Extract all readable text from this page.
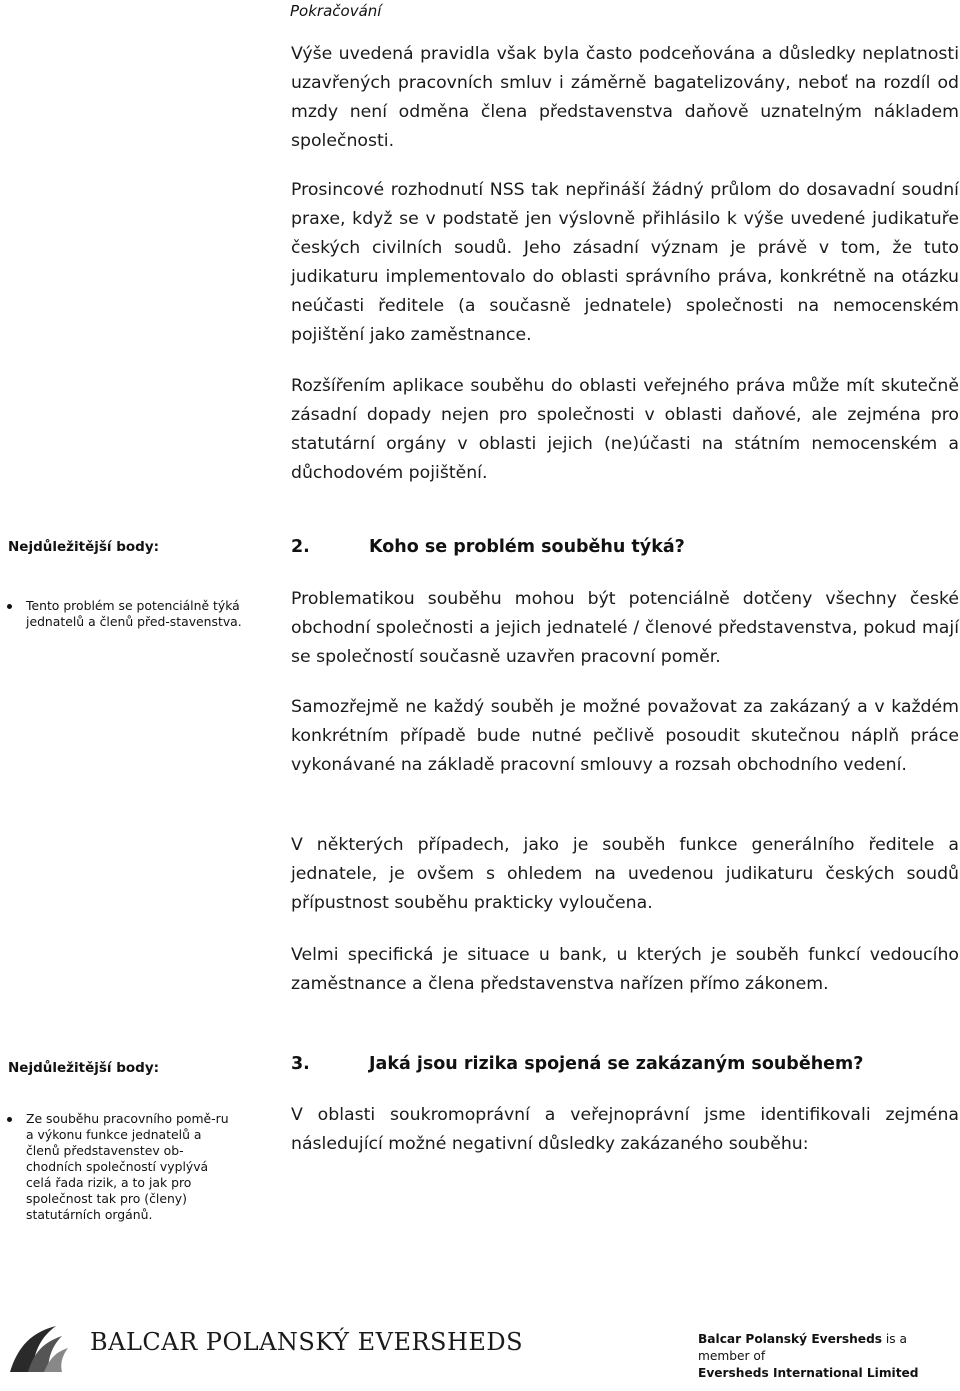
Pokračování

Výše uvedená pravidla však byla často podceňována a důsledky neplatnosti uzavřených pracovních smluv i záměrně bagatelizovány, neboť na rozdíl od mzdy není odměna člena představenstva daňově uznatelným nákladem společnosti.

Prosincové rozhodnutí NSS tak nepřináší žádný průlom do dosavadní soudní praxe, když se v podstatě jen výslovně přihlásilo k výše uvedené judikatuře českých civilních soudů. Jeho zásadní význam je právě v tom, že tuto judikaturu implementovalo do oblasti správního práva, konkrétně na otázku neúčasti ředitele (a současně jednatele) společnosti na nemocenském pojištění jako zaměstnance.

Rozšířením aplikace souběhu do oblasti veřejného práva může mít skutečně zásadní dopady nejen pro společnosti v oblasti daňové, ale zejména pro statutární orgány v oblasti jejich (ne)účasti na státním nemocenském a důchodovém pojištění.

Nejdůležitější body:
Tento problém se potenciálně týká jednatelů a členů před-stavenstva.
2.	Koho se problém souběhu týká?

Problematikou souběhu mohou být potenciálně dotčeny všechny české obchodní společnosti a jejich jednatelé / členové představenstva, pokud mají se společností současně uzavřen pracovní poměr.

Samozřejmě ne každý souběh je možné považovat za zakázaný a v každém konkrétním případě bude nutné pečlivě posoudit skutečnou náplň práce vykonávané na základě pracovní smlouvy a rozsah obchodního vedení.

V některých případech, jako je souběh funkce generálního ředitele a jednatele, je ovšem s ohledem na uvedenou judikaturu českých soudů přípustnost souběhu prakticky vyloučena.

Velmi specifická je situace u bank, u kterých je souběh funkcí vedoucího zaměstnance a člena představenstva nařízen přímo zákonem.

Nejdůležitější body:
Ze souběhu pracovního pomě-ru a výkonu funkce jednatelů a členů představenstev ob-chodních společností vyplývá celá řada rizik, a to jak pro společnost tak pro (členy) statutárních orgánů.
3.	Jaká jsou rizika spojená se zakázaným souběhem?

V oblasti soukromoprávní a veřejnoprávní jsme identifikovali zejména následující možné negativní důsledky zakázaného souběhu:

BALCAR POLANSKÝ EVERSHEDS	Balcar Polanský Eversheds is a member of
Eversheds International Limited
